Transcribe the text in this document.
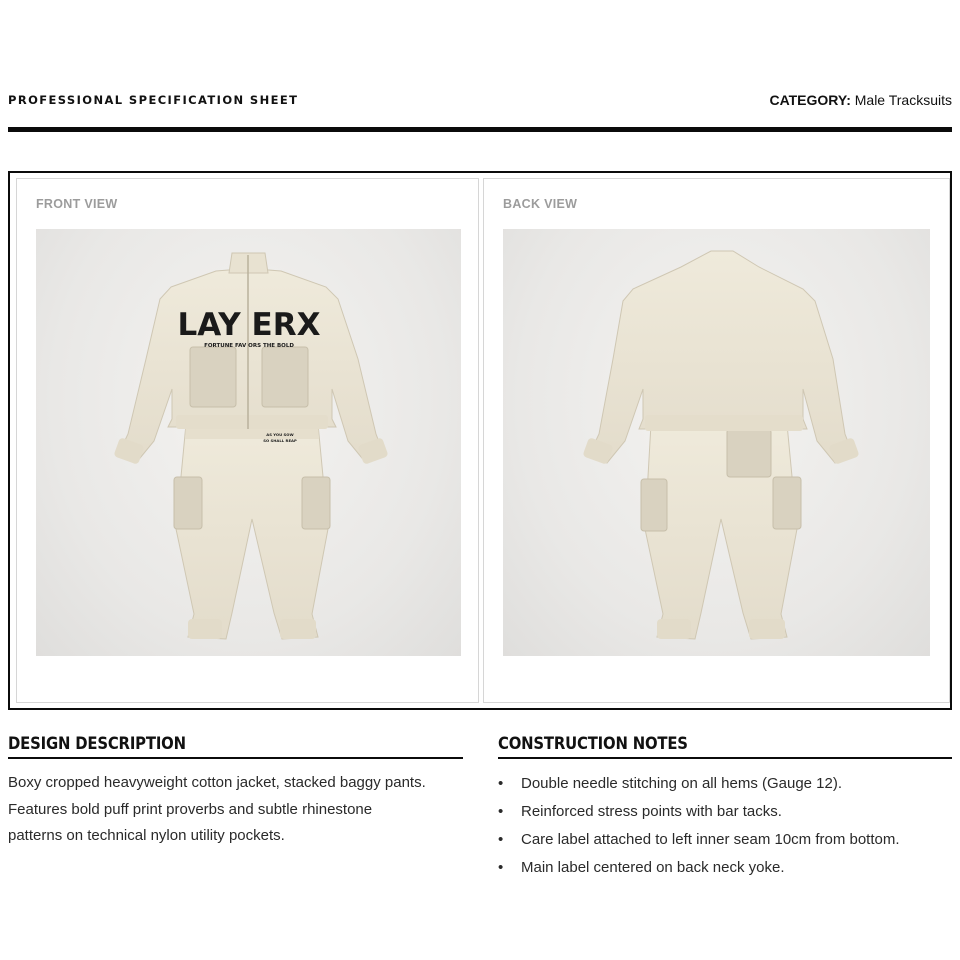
PROFESSIONAL SPECIFICATION SHEET	CATEGORY: Male Tracksuits
FRONT VIEW
AS YOU SOW
SO SHALL REAP
LAY ERX
FORTUNE FAV ORS THE BOLD
BACK VIEW
DESIGN DESCRIPTION

Boxy cropped heavyweight cotton jacket, stacked baggy pants.

Features bold puff print proverbs and subtle rhinestone

patterns on technical nylon utility pockets.

CONSTRUCTION NOTES
•	Double needle stitching on all hems (Gauge 12).
•	Reinforced stress points with bar tacks.
•	Care label attached to left inner seam 10cm from bottom.
•	Main label centered on back neck yoke.
